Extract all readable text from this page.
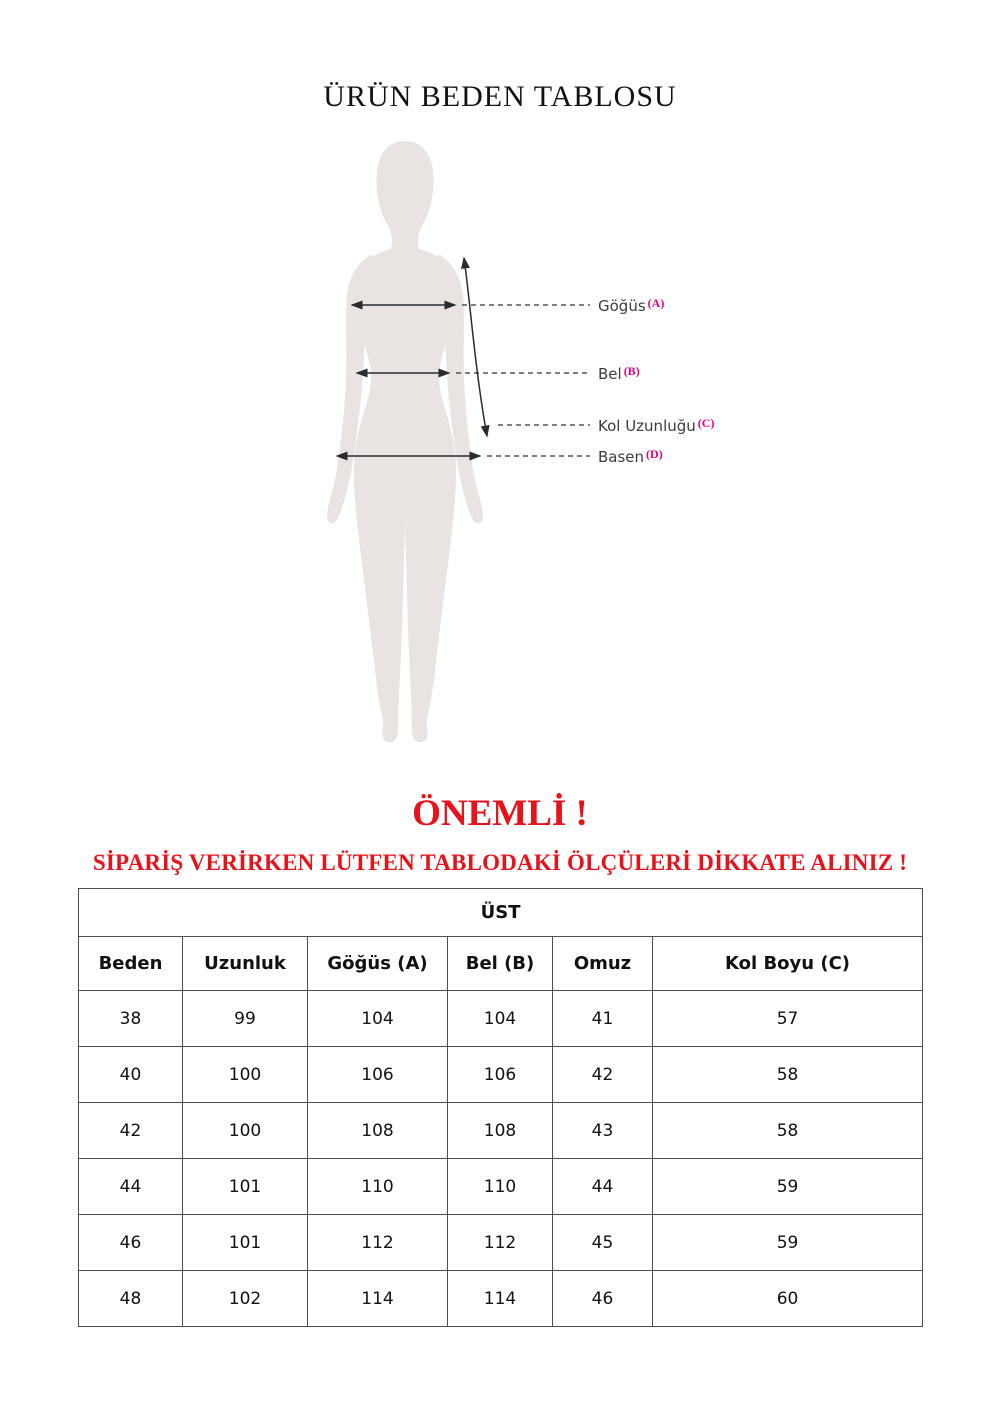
ÜRÜN BEDEN TABLOSU
Göğüs $^{(A)}$
Bel $^{(B)}$
Kol Uzunluğu $^{(C)}$
Basen $^{(D)}$
ÖNEMLİ !
SİPARİŞ VERİRKEN LÜTFEN TABLODAKİ ÖLÇÜLERİ DİKKATE ALINIZ !
ÜST					
Beden	Uzunluk	Göğüs (A)	Bel (B)	Omuz	Kol Boyu (C)
38	99	104	104	41	57
40	100	106	106	42	58
42	100	108	108	43	58
44	101	110	110	44	59
46	101	112	112	45	59
48	102	114	114	46	60
